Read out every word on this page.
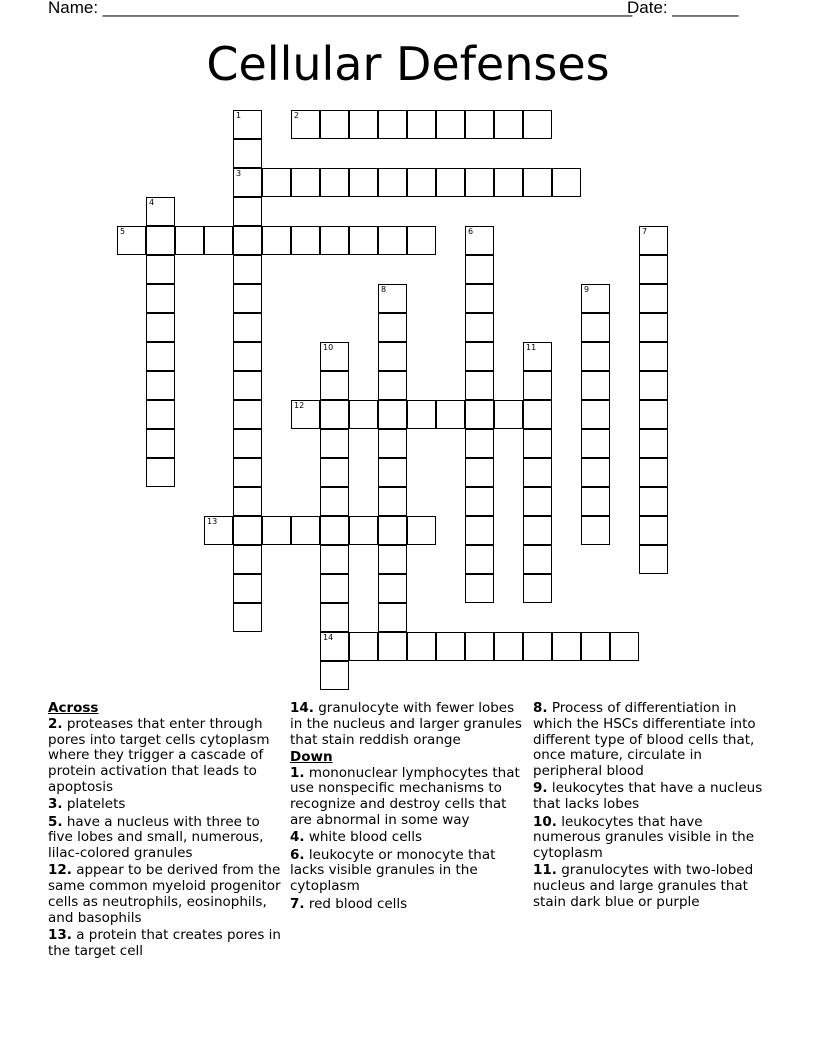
Name: ________________________________________________________
Date: _______
Cellular Defenses
1
3
2
4
5	6	7
8	9
10
14
11
12
13
Across
2. proteases that enter through pores into target cells cytoplasm where they trigger a cascade of protein activation that leads to apoptosis
3. platelets
5. have a nucleus with three to five lobes and small, numerous, lilac-colored granules
12. appear to be derived from the same common myeloid progenitor cells as neutrophils, eosinophils, and basophils
13. a protein that creates pores in the target cell
14. granulocyte with fewer lobes in the nucleus and larger granules that stain reddish orange
Down
1. mononuclear lymphocytes that use nonspecific mechanisms to recognize and destroy cells that are abnormal in some way
4. white blood cells
6. leukocyte or monocyte that lacks visible granules in the cytoplasm
7. red blood cells
8. Process of differentiation in which the HSCs differentiate into different type of blood cells that, once mature, circulate in peripheral blood
9. leukocytes that have a nucleus that lacks lobes
10. leukocytes that have numerous granules visible in the cytoplasm
11. granulocytes with two-lobed nucleus and large granules that stain dark blue or purple
